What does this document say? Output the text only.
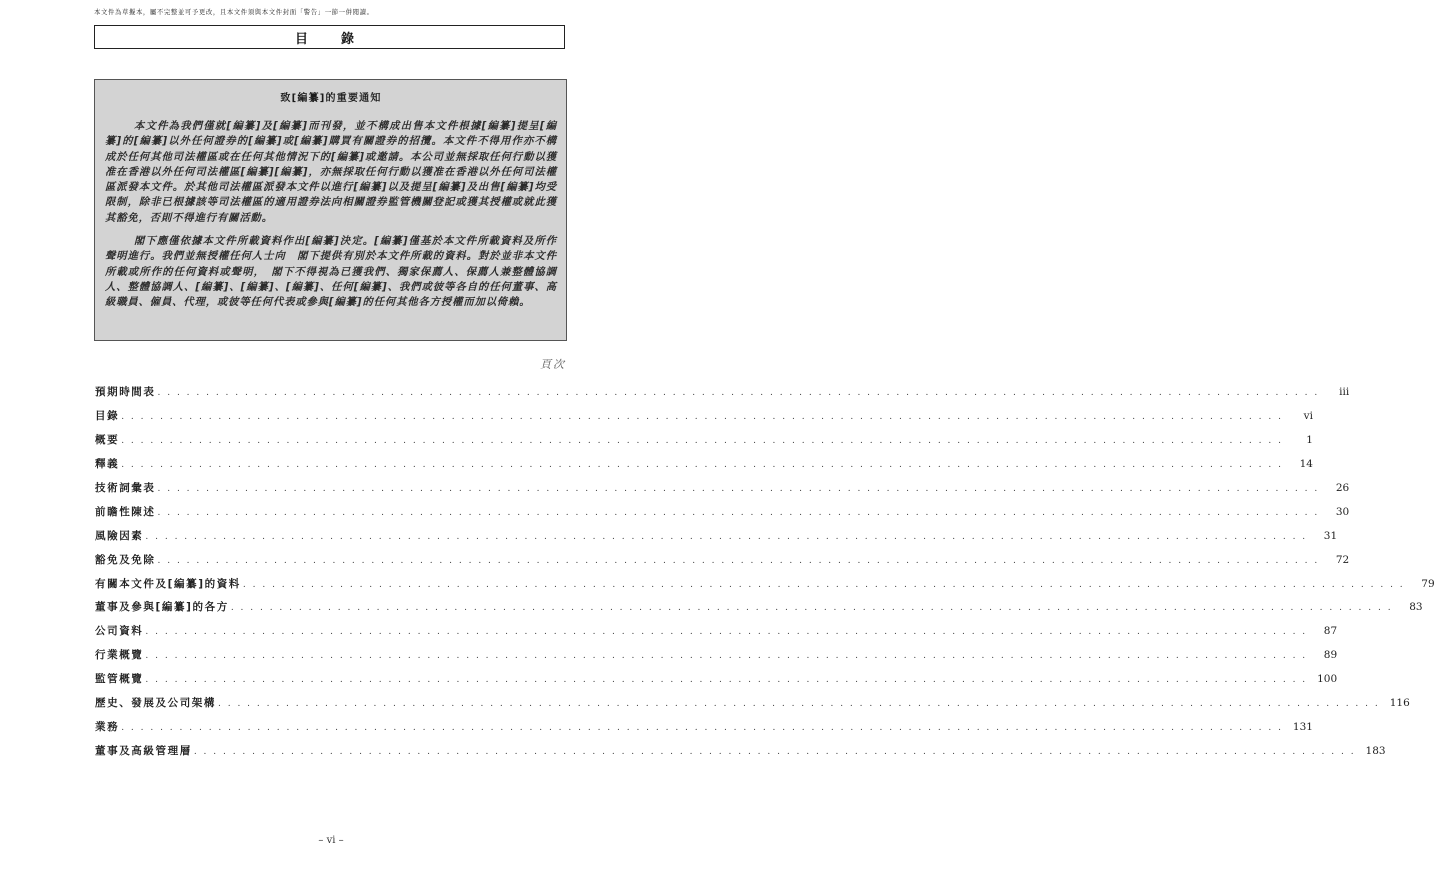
本文件為草擬本，屬不完整並可予更改，且本文件須與本文件封面「警告」一節一併閱讀。
目　錄
致[編纂]的重要通知

本文件為我們僅就[編纂]及[編纂]而刊發，並不構成出售本文件根據[編纂]提呈[編纂]的[編纂]以外任何證券的[編纂]或[編纂]購買有關證券的招攬。本文件不得用作亦不構成於任何其他司法權區或在任何其他情況下的[編纂]或邀請。本公司並無採取任何行動以獲准在香港以外任何司法權區[編纂][編纂]，亦無採取任何行動以獲准在香港以外任何司法權區派發本文件。於其他司法權區派發本文件以進行[編纂]以及提呈[編纂]及出售[編纂]均受限制，除非已根據該等司法權區的適用證券法向相關證券監管機關登記或獲其授權或就此獲其豁免，否則不得進行有關活動。

閣下應僅依據本文件所載資料作出[編纂]決定。[編纂]僅基於本文件所載資料及所作聲明進行。我們並無授權任何人士向　閣下提供有別於本文件所載的資料。對於並非本文件所載或所作的任何資料或聲明，　閣下不得視為已獲我們、獨家保薦人、保薦人兼整體協調人、整體協調人、[編纂]、[編纂]、[編纂]、任何[編纂]、我們或彼等各自的任何董事、高級職員、僱員、代理，或彼等任何代表或參與[編纂]的任何其他各方授權而加以倚賴。

頁次
預期時間表 . . . . . . . . . . . . . . . . . . . . . . . . . . . . . . . . . . . . . . . . . . . . . . . . . . . . . . . . . . . . . . . . . . . . . . . . . . . . . . . . . . . . . . . . . . . . . . . . . . . . . . . . . . . . . . . . . . . . . . . .	iii
目錄 . . . . . . . . . . . . . . . . . . . . . . . . . . . . . . . . . . . . . . . . . . . . . . . . . . . . . . . . . . . . . . . . . . . . . . . . . . . . . . . . . . . . . . . . . . . . . . . . . . . . . . . . . . . . . . . . . . . . . . . .	vi
概要 . . . . . . . . . . . . . . . . . . . . . . . . . . . . . . . . . . . . . . . . . . . . . . . . . . . . . . . . . . . . . . . . . . . . . . . . . . . . . . . . . . . . . . . . . . . . . . . . . . . . . . . . . . . . . . . . . . . . . . . .	1
釋義 . . . . . . . . . . . . . . . . . . . . . . . . . . . . . . . . . . . . . . . . . . . . . . . . . . . . . . . . . . . . . . . . . . . . . . . . . . . . . . . . . . . . . . . . . . . . . . . . . . . . . . . . . . . . . . . . . . . . . . . .	14
技術詞彙表 . . . . . . . . . . . . . . . . . . . . . . . . . . . . . . . . . . . . . . . . . . . . . . . . . . . . . . . . . . . . . . . . . . . . . . . . . . . . . . . . . . . . . . . . . . . . . . . . . . . . . . . . . . . . . . . . . . . . . . . .	26
前瞻性陳述 . . . . . . . . . . . . . . . . . . . . . . . . . . . . . . . . . . . . . . . . . . . . . . . . . . . . . . . . . . . . . . . . . . . . . . . . . . . . . . . . . . . . . . . . . . . . . . . . . . . . . . . . . . . . . . . . . . . . . . . .	30
風險因素 . . . . . . . . . . . . . . . . . . . . . . . . . . . . . . . . . . . . . . . . . . . . . . . . . . . . . . . . . . . . . . . . . . . . . . . . . . . . . . . . . . . . . . . . . . . . . . . . . . . . . . . . . . . . . . . . . . . . . . . .	31
豁免及免除 . . . . . . . . . . . . . . . . . . . . . . . . . . . . . . . . . . . . . . . . . . . . . . . . . . . . . . . . . . . . . . . . . . . . . . . . . . . . . . . . . . . . . . . . . . . . . . . . . . . . . . . . . . . . . . . . . . . . . . . .	72
有關本文件及[編纂]的資料 . . . . . . . . . . . . . . . . . . . . . . . . . . . . . . . . . . . . . . . . . . . . . . . . . . . . . . . . . . . . . . . . . . . . . . . . . . . . . . . . . . . . . . . . . . . . . . . . . . . . . . . . . . . . . . . . . . . . . . . .	79
董事及參與[編纂]的各方 . . . . . . . . . . . . . . . . . . . . . . . . . . . . . . . . . . . . . . . . . . . . . . . . . . . . . . . . . . . . . . . . . . . . . . . . . . . . . . . . . . . . . . . . . . . . . . . . . . . . . . . . . . . . . . . . . . . . . . . .	83
公司資料 . . . . . . . . . . . . . . . . . . . . . . . . . . . . . . . . . . . . . . . . . . . . . . . . . . . . . . . . . . . . . . . . . . . . . . . . . . . . . . . . . . . . . . . . . . . . . . . . . . . . . . . . . . . . . . . . . . . . . . . .	87
行業概覽 . . . . . . . . . . . . . . . . . . . . . . . . . . . . . . . . . . . . . . . . . . . . . . . . . . . . . . . . . . . . . . . . . . . . . . . . . . . . . . . . . . . . . . . . . . . . . . . . . . . . . . . . . . . . . . . . . . . . . . . .	89
監管概覽 . . . . . . . . . . . . . . . . . . . . . . . . . . . . . . . . . . . . . . . . . . . . . . . . . . . . . . . . . . . . . . . . . . . . . . . . . . . . . . . . . . . . . . . . . . . . . . . . . . . . . . . . . . . . . . . . . . . . . . . . 100
歷史、發展及公司架構 . . . . . . . . . . . . . . . . . . . . . . . . . . . . . . . . . . . . . . . . . . . . . . . . . . . . . . . . . . . . . . . . . . . . . . . . . . . . . . . . . . . . . . . . . . . . . . . . . . . . . . . . . . . . . . . . . . . . . . . . 116
業務 . . . . . . . . . . . . . . . . . . . . . . . . . . . . . . . . . . . . . . . . . . . . . . . . . . . . . . . . . . . . . . . . . . . . . . . . . . . . . . . . . . . . . . . . . . . . . . . . . . . . . . . . . . . . . . . . . . . . . . . . 131
董事及高級管理層 . . . . . . . . . . . . . . . . . . . . . . . . . . . . . . . . . . . . . . . . . . . . . . . . . . . . . . . . . . . . . . . . . . . . . . . . . . . . . . . . . . . . . . . . . . . . . . . . . . . . . . . . . . . . . . . . . . . . . . . . 183
– vi –
